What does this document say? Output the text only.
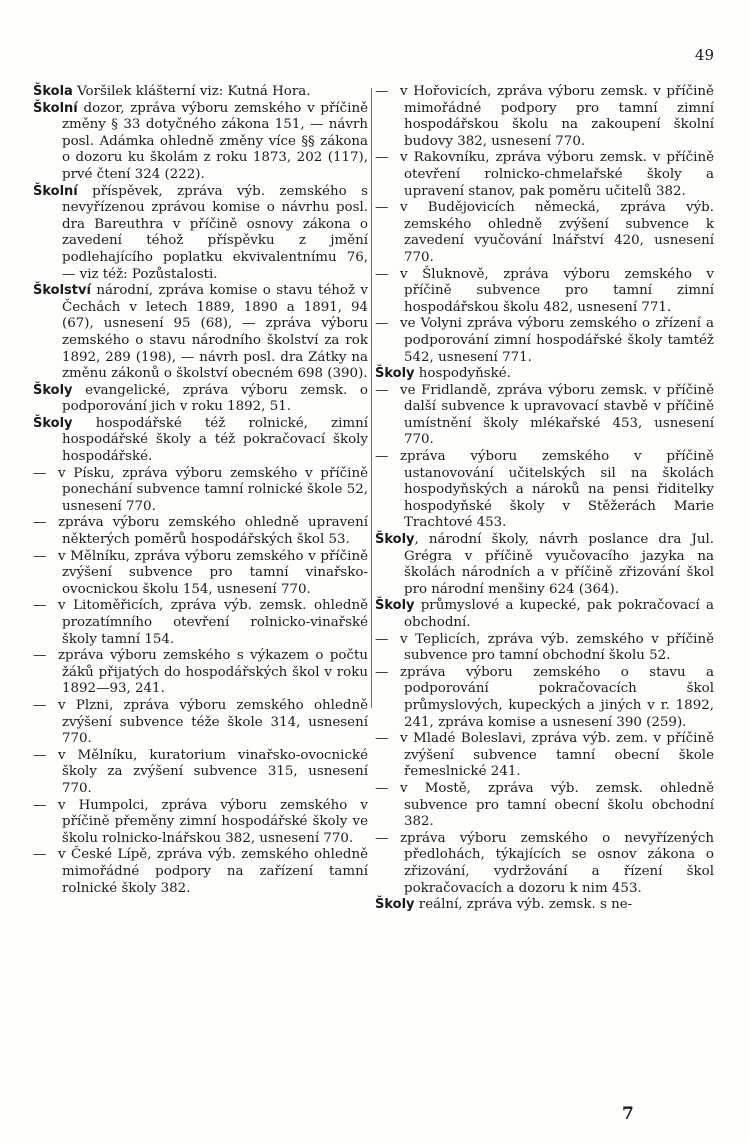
49
Škola Voršilek klášterní viz: Kutná Hora.
Školní dozor, zpráva výboru zemského v příčině změny § 33 dotyčného zákona 151, — návrh posl. Adámka ohledně změny více §§ zákona o dozoru ku školám z roku 1873, 202 (117), prvé čtení 324 (222).
Školní příspěvek, zpráva výb. zemského s nevyřízenou zprávou komise o návrhu posl. dra Bareuthra v příčině osnovy zákona o zavedení téhož příspěvku z jmění podlehajícího poplatku ekvivalentnímu 76, — viz též: Pozůstalosti.
Školství národní, zpráva komise o stavu téhož v Čechách v letech 1889, 1890 a 1891, 94 (67), usnesení 95 (68), — zpráva výboru zemského o stavu národního školství za rok 1892, 289 (198), — návrh posl. dra Zátky na změnu zákonů o školství obecném 698 (390).
Školy evangelické, zpráva výboru zemsk. o podporování jich v roku 1892, 51.
Školy hospodářské též rolnické, zimní hospodářské školy a též pokračovací školy hospodářské.
— v Písku, zpráva výboru zemského v příčině ponechání subvence tamní rolnické škole 52, usnesení 770.
— zpráva výboru zemského ohledně upravení některých poměrů hospodářských škol 53.
— v Mělníku, zpráva výboru zemského v příčině zvýšení subvence pro tamní vinařsko-ovocnickou školu 154, usnesení 770.
— v Litoměřicích, zpráva výb. zemsk. ohledně prozatímního otevření rolnicko-vinařské školy tamní 154.
— zpráva výboru zemského s výkazem o počtu žáků přijatých do hospodářských škol v roku 1892—93, 241.
— v Plzni, zpráva výboru zemského ohledně zvýšení subvence téže škole 314, usnesení 770.
— v Mělníku, kuratorium vinařsko-ovocnické školy za zvýšení subvence 315, usnesení 770.
— v Humpolci, zpráva výboru zemského v příčině přeměny zimní hospodářské školy ve školu rolnicko-lnářskou 382, usnesení 770.
— v České Lípě, zpráva výb. zemského ohledně mimořádné podpory na zařízení tamní rolnické školy 382.
— v Hořovicích, zpráva výboru zemsk. v příčině mimořádné podpory pro tamní zimní hospodářskou školu na zakoupení školní budovy 382, usnesení 770.
— v Rakovníku, zpráva výboru zemsk. v příčině otevření rolnicko-chmelařské školy a upravení stanov, pak poměru učitelů 382.
— v Budějovicích německá, zpráva výb. zemského ohledně zvýšení subvence k zavedení vyučování lnářství 420, usnesení 770.
— v Šluknově, zpráva výboru zemského v příčině subvence pro tamní zimní hospodářskou školu 482, usnesení 771.
— ve Volyni zpráva výboru zemského o zřízení a podporování zimní hospodářské školy tamtéž 542, usnesení 771.
Školy hospodyňské.
— ve Fridlandě, zpráva výboru zemsk. v příčině další subvence k upravovací stavbě v příčině umístnění školy mlékařské 453, usnesení 770.
— zpráva výboru zemského v příčině ustanovování učitelských sil na školách hospodyňských a nároků na pensi řiditelky hospodyňské školy v Stěžerách Marie Trachtové 453.
Školy, národní školy, návrh poslance dra Jul. Grégra v příčině vyučovacího jazyka na školách národních a v příčině zřizování škol pro národní menšiny 624 (364).
Školy průmyslové a kupecké, pak pokračovací a obchodní.
— v Teplicích, zpráva výb. zemského v příčině subvence pro tamní obchodní školu 52.
— zpráva výboru zemského o stavu a podporování pokračovacích škol průmyslových, kupeckých a jiných v r. 1892, 241, zpráva komise a usnesení 390 (259).
— v Mladé Boleslavi, zpráva výb. zem. v příčině zvýšení subvence tamní obecní škole řemeslnické 241.
— v Mostě, zpráva výb. zemsk. ohledně subvence pro tamní obecní školu obchodní 382.
— zpráva výboru zemského o nevyřízených předlohách, týkajících se osnov zákona o zřizování, vydržování a řízení škol pokračovacích a dozoru k nim 453.
Školy reální, zpráva výb. zemsk. s ne-
7
